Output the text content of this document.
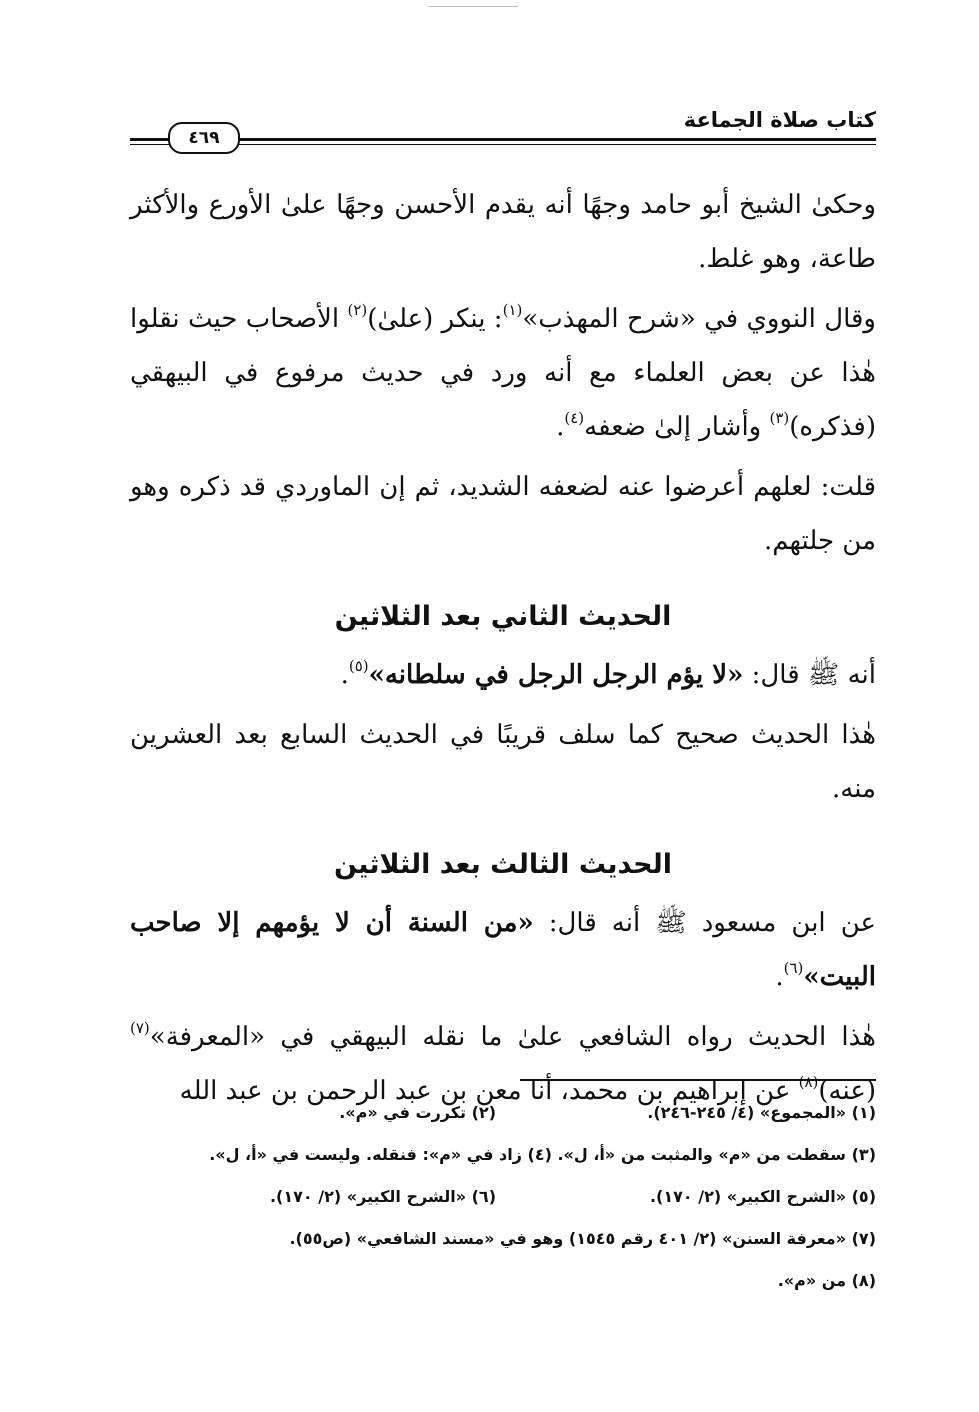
كتاب صلاة الجماعة
٤٦٩

وحكىٰ الشيخ أبو حامد وجهًا أنه يقدم الأحسن وجهًا علىٰ الأورع والأكثر طاعة، وهو غلط.

وقال النووي في «شرح المهذب»$^{(١)}$: ينكر (علىٰ)$^{(٢)}$ الأصحاب حيث نقلوا هٰذا عن بعض العلماء مع أنه ورد في حديث مرفوع في البيهقي (فذكره)$^{(٣)}$ وأشار إلىٰ ضعفه$^{(٤)}$.

قلت: لعلهم أعرضوا عنه لضعفه الشديد، ثم إن الماوردي قد ذكره وهو من جلتهم.

الحديث الثاني بعد الثلاثين

أنه ﷺ قال: «لا يؤم الرجل الرجل في سلطانه»$^{(٥)}$.

هٰذا الحديث صحيح كما سلف قريبًا في الحديث السابع بعد العشرين منه.

الحديث الثالث بعد الثلاثين

عن ابن مسعود ﷺ أنه قال: «من السنة أن لا يؤمهم إلا صاحب البيت»$^{(٦)}$.

هٰذا الحديث رواه الشافعي علىٰ ما نقله البيهقي في «المعرفة»$^{(٧)}$ (عنه)$^{(٨)}$ عن إبراهيم بن محمد، أنا معن بن عبد الرحمن بن عبد الله

(١) «المجموع» (٤/ ٢٤٥-٢٤٦).
(٢) تكررت في «م».
(٣) سقطت من «م» والمثبت من «أ، ل». (٤) زاد في «م»: فنقله. وليست في «أ، ل».
(٥) «الشرح الكبير» (٢/ ١٧٠).
(٦) «الشرح الكبير» (٢/ ١٧٠).
(٧) «معرفة السنن» (٢/ ٤٠١ رقم ١٥٤٥) وهو في «مسند الشافعي» (ص٥٥).
(٨) من «م».
